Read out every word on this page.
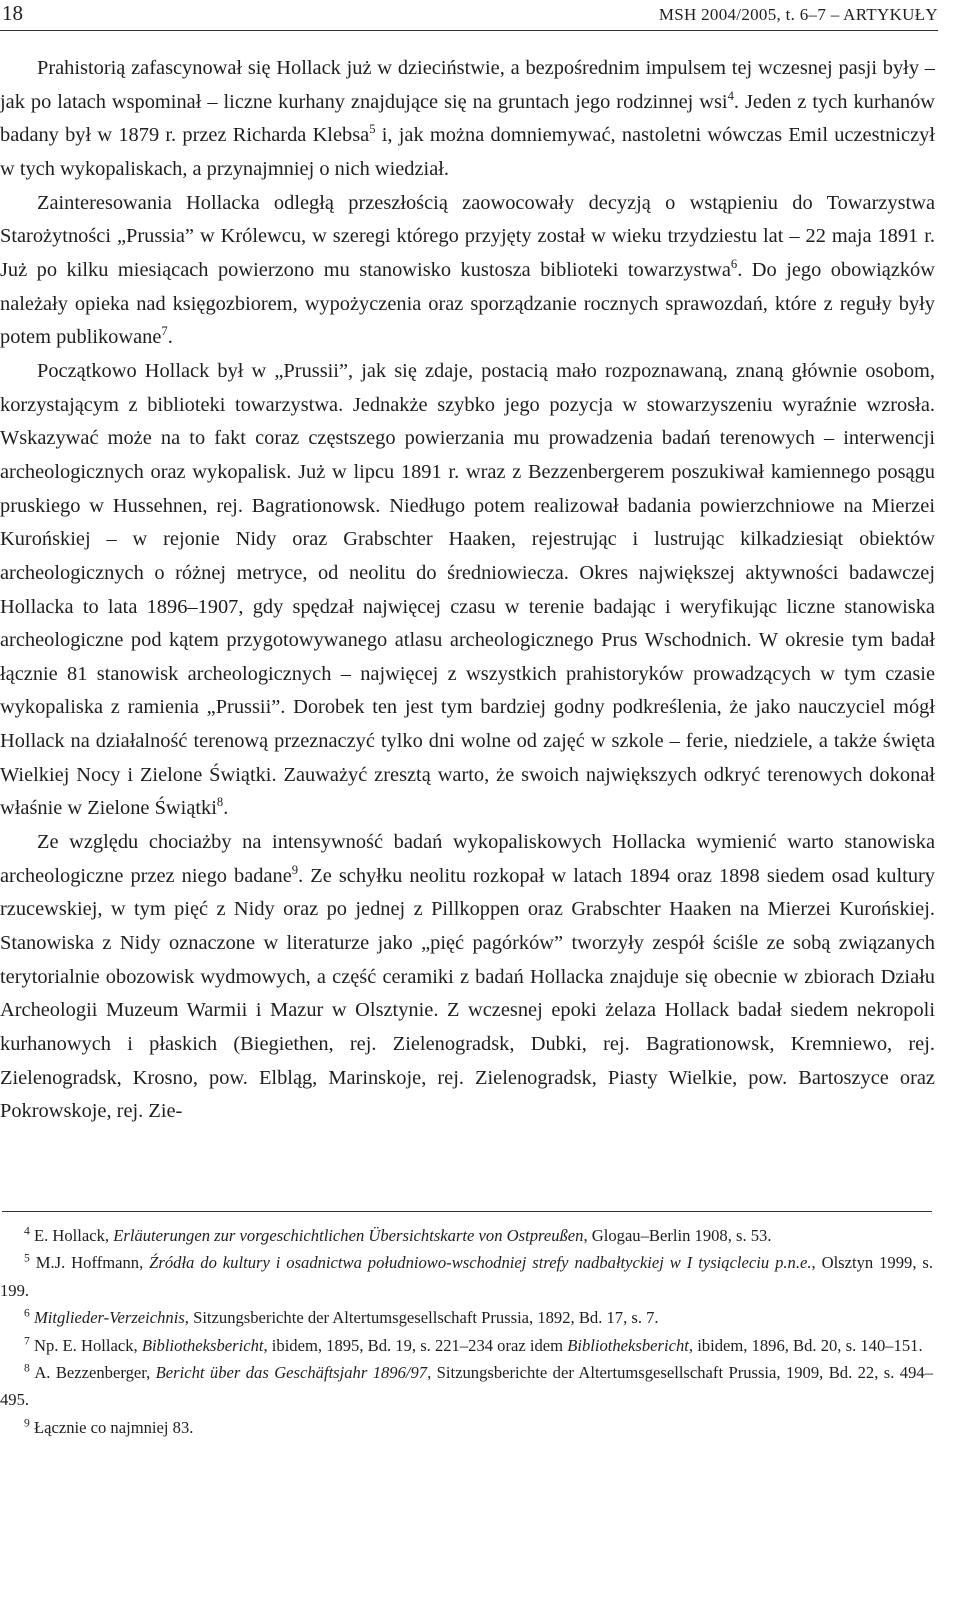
18	MSH 2004/2005, t. 6–7 – ARTYKUŁY

Prahistorią zafascynował się Hollack już w dzieciństwie, a bezpośrednim impulsem tej wczesnej pasji były – jak po latach wspominał – liczne kurhany znajdujące się na gruntach jego rodzinnej wsi$^4$. Jeden z tych kurhanów badany był w 1879 r. przez Richarda Klebsa$^5$ i, jak można domniemywać, nastoletni wówczas Emil uczestniczył w tych wykopaliskach, a przynajmniej o nich wiedział.

Zainteresowania Hollacka odległą przeszłością zaowocowały decyzją o wstąpieniu do Towarzystwa Starożytności „Prussia” w Królewcu, w szeregi którego przyjęty został w wieku trzydziestu lat – 22 maja 1891 r. Już po kilku miesiącach powierzono mu stanowisko kustosza biblioteki towarzystwa$^6$. Do jego obowiązków należały opieka nad księgozbiorem, wypożyczenia oraz sporządzanie rocznych sprawozdań, które z reguły były potem publikowane$^7$.

Początkowo Hollack był w „Prussii”, jak się zdaje, postacią mało rozpoznawaną, znaną głównie osobom, korzystającym z biblioteki towarzystwa. Jednakże szybko jego pozycja w stowarzyszeniu wyraźnie wzrosła. Wskazywać może na to fakt coraz częstszego powierzania mu prowadzenia badań terenowych – interwencji archeologicznych oraz wykopalisk. Już w lipcu 1891 r. wraz z Bezzenbergerem poszukiwał kamiennego posągu pruskiego w Hussehnen, rej. Bagrationowsk. Niedługo potem realizował badania powierzchniowe na Mierzei Kurońskiej – w rejonie Nidy oraz Grabschter Haaken, rejestrując i lustrując kilkadziesiąt obiektów archeologicznych o różnej metryce, od neolitu do średniowiecza. Okres największej aktywności badawczej Hollacka to lata 1896–1907, gdy spędzał najwięcej czasu w terenie badając i weryfikując liczne stanowiska archeologiczne pod kątem przygotowywanego atlasu archeologicznego Prus Wschodnich. W okresie tym badał łącznie 81 stanowisk archeologicznych – najwięcej z wszystkich prahistoryków prowadzących w tym czasie wykopaliska z ramienia „Prussii”. Dorobek ten jest tym bardziej godny podkreślenia, że jako nauczyciel mógł Hollack na działalność terenową przeznaczyć tylko dni wolne od zajęć w szkole – ferie, niedziele, a także święta Wielkiej Nocy i Zielone Świątki. Zauważyć zresztą warto, że swoich największych odkryć terenowych dokonał właśnie w Zielone Świątki$^8$.

Ze względu chociażby na intensywność badań wykopaliskowych Hollacka wymienić warto stanowiska archeologiczne przez niego badane$^9$. Ze schyłku neolitu rozkopał w latach 1894 oraz 1898 siedem osad kultury rzucewskiej, w tym pięć z Nidy oraz po jednej z Pillkoppen oraz Grabschter Haaken na Mierzei Kurońskiej. Stanowiska z Nidy oznaczone w literaturze jako „pięć pagórków” tworzyły zespół ściśle ze sobą związanych terytorialnie obozowisk wydmowych, a część ceramiki z badań Hollacka znajduje się obecnie w zbiorach Działu Archeologii Muzeum Warmii i Mazur w Olsztynie. Z wczesnej epoki żelaza Hollack badał siedem nekropoli kurhanowych i płaskich (Biegiethen, rej. Zielenogradsk, Dubki, rej. Bagrationowsk, Kremniewo, rej. Zielenogradsk, Krosno, pow. Elbląg, Marinskoje, rej. Zielenogradsk, Piasty Wielkie, pow. Bartoszyce oraz Pokrowskoje, rej. Zie-

$^4$ E. Hollack, Erläuterungen zur vorgeschichtlichen Übersichtskarte von Ostpreußen, Glogau–Berlin 1908, s. 53.

$^5$ M.J. Hoffmann, Źródła do kultury i osadnictwa południowo-wschodniej strefy nadbałtyckiej w I tysiącleciu p.n.e., Olsztyn 1999, s. 199.

$^6$ Mitglieder-Verzeichnis, Sitzungsberichte der Altertumsgesellschaft Prussia, 1892, Bd. 17, s. 7.

$^7$ Np. E. Hollack, Bibliotheksbericht, ibidem, 1895, Bd. 19, s. 221–234 oraz idem Bibliotheksbericht, ibidem, 1896, Bd. 20, s. 140–151.

$^8$ A. Bezzenberger, Bericht über das Geschäftsjahr 1896/97, Sitzungsberichte der Altertumsgesellschaft Prussia, 1909, Bd. 22, s. 494–495.

$^9$ Łącznie co najmniej 83.
